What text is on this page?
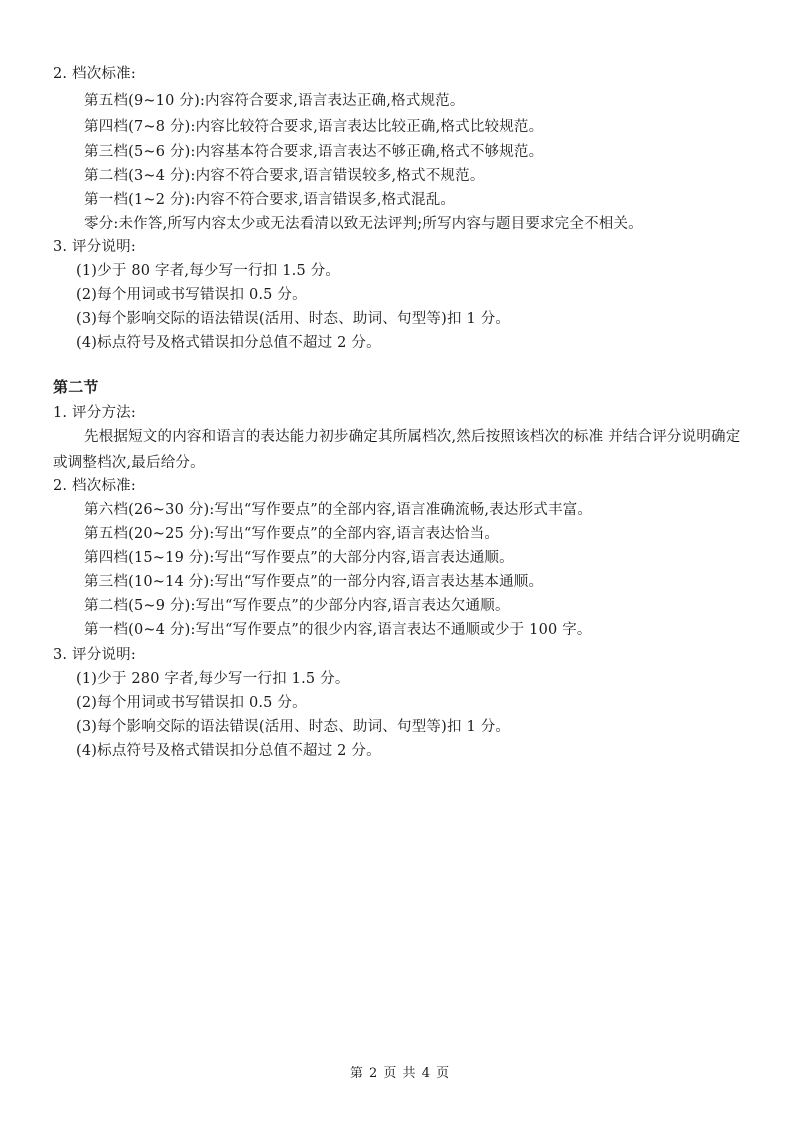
2. 档次标准:
第五档(9~10 分):内容符合要求,语言表达正确,格式规范。
第四档(7~8 分):内容比较符合要求,语言表达比较正确,格式比较规范。
第三档(5~6 分):内容基本符合要求,语言表达不够正确,格式不够规范。
第二档(3~4 分):内容不符合要求,语言错误较多,格式不规范。
第一档(1~2 分):内容不符合要求,语言错误多,格式混乱。
零分:未作答,所写内容太少或无法看清以致无法评判;所写内容与题目要求完全不相关。
3. 评分说明:
(1)少于 80 字者,每少写一行扣 1.5 分。
(2)每个用词或书写错误扣 0.5 分。
(3)每个影响交际的语法错误(活用、时态、助词、句型等)扣 1 分。
(4)标点符号及格式错误扣分总值不超过 2 分。
第二节
1. 评分方法:
先根据短文的内容和语言的表达能力初步确定其所属档次,然后按照该档次的标准 并结合评分说明确定或调整档次,最后给分。
2. 档次标准:
第六档(26~30 分):写出“写作要点”的全部内容,语言准确流畅,表达形式丰富。
第五档(20~25 分):写出“写作要点”的全部内容,语言表达恰当。
第四档(15~19 分):写出“写作要点”的大部分内容,语言表达通顺。
第三档(10~14 分):写出“写作要点”的一部分内容,语言表达基本通顺。
第二档(5~9 分):写出“写作要点”的少部分内容,语言表达欠通顺。
第一档(0~4 分):写出“写作要点”的很少内容,语言表达不通顺或少于 100 字。
3. 评分说明:
(1)少于 280 字者,每少写一行扣 1.5 分。
(2)每个用词或书写错误扣 0.5 分。
(3)每个影响交际的语法错误(活用、时态、助词、句型等)扣 1 分。
(4)标点符号及格式错误扣分总值不超过 2 分。
第 2 页 共 4 页
